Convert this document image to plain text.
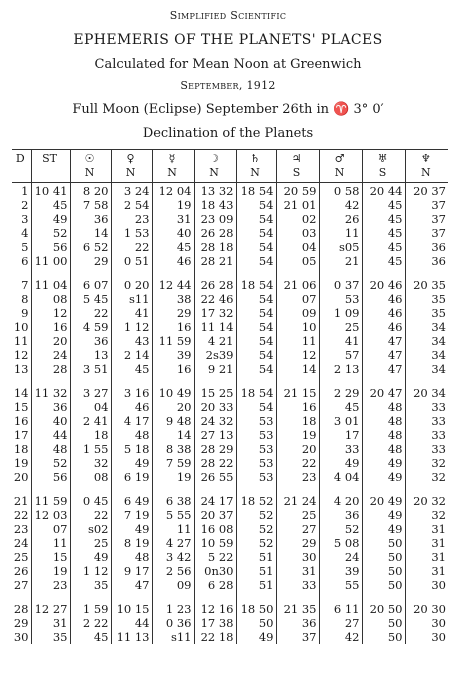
Simplified Scientific
EPHEMERIS OF THE PLANETS' PLACES
Calculated for Mean Noon at Greenwich
September, 1912
Full Moon (Eclipse) September 26th in ♈ 3° 0′
Declination of the Planets
D	ST	☉	♀	☿	☽	♄	♃	♂	♅	♆
		N	N	N	N	N	S	N	S	N
1	10 41	8 20	3 24	12 04	13 32	18 54	20 59	0 58	20 44	20 37
2	45	7 58	2 54	19	18 43	54	21 01	42	45	37
3	49	36	23	31	23 09	54	02	26	45	37
4	52	14	1 53	40	26 28	54	03	11	45	37
5	56	6 52	22	45	28 18	54	04	s05	45	36
6	11 00	29	0 51	46	28 21	54	05	21	45	36

7	11 04	6 07	0 20	12 44	26 28	18 54	21 06	0 37	20 46	20 35
8	08	5 45	s11	38	22 46	54	07	53	46	35
9	12	22	41	29	17 32	54	09	1 09	46	35
10	16	4 59	1 12	16	11 14	54	10	25	46	34
11	20	36	43	11 59	4 21	54	11	41	47	34
12	24	13	2 14	39	2s39	54	12	57	47	34
13	28	3 51	45	16	9 21	54	14	2 13	47	34

14	11 32	3 27	3 16	10 49	15 25	18 54	21 15	2 29	20 47	20 34
15	36	04	46	20	20 33	54	16	45	48	33
16	40	2 41	4 17	9 48	24 32	53	18	3 01	48	33
17	44	18	48	14	27 13	53	19	17	48	33
18	48	1 55	5 18	8 38	28 29	53	20	33	48	33
19	52	32	49	7 59	28 22	53	22	49	49	32
20	56	08	6 19	19	26 55	53	23	4 04	49	32

21	11 59	0 45	6 49	6 38	24 17	18 52	21 24	4 20	20 49	20 32
22	12 03	22	7 19	5 55	20 37	52	25	36	49	32
23	07	s02	49	11	16 08	52	27	52	49	31
24	11	25	8 19	4 27	10 59	52	29	5 08	50	31
25	15	49	48	3 42	5 22	51	30	24	50	31
26	19	1 12	9 17	2 56	0n30	51	31	39	50	31
27	23	35	47	09	6 28	51	33	55	50	30

28	12 27	1 59	10 15	1 23	12 16	18 50	21 35	6 11	20 50	20 30
29	31	2 22	44	0 36	17 38	50	36	27	50	30
30	35	45	11 13	s11	22 18	49	37	42	50	30
